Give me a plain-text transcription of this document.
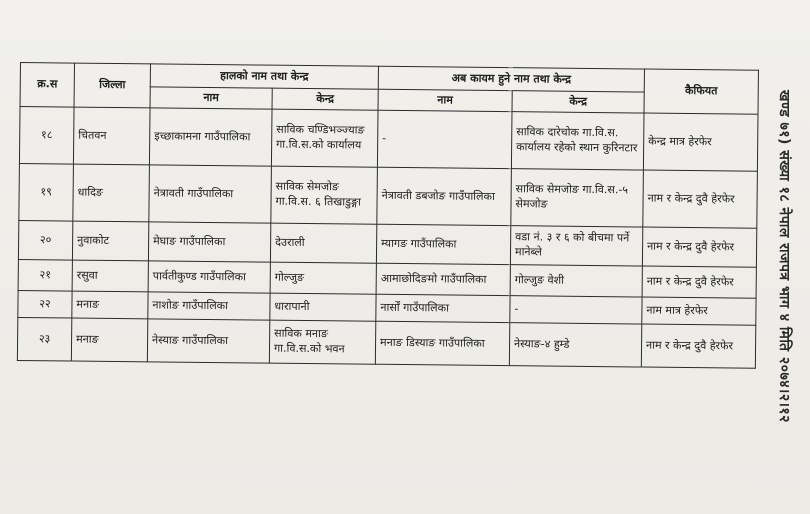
खण्ड ७१) संख्या १८ नेपाल राजपत्र भाग ४ मिति २०७४।२।१२
क्र.स	जिल्ला	हालको नाम तथा केन्द्र		अब कायम हुने नाम तथा केन्द्र		कैफियत
		नाम	केन्द्र	नाम	केन्द्र	
१८	चितवन	इच्छाकामना गाउँपालिका	साविक चण्डिभञ्ज्याङ गा.वि.स.को कार्यालय	-	साविक दारेचोक गा.वि.स. कार्यालय रहेको स्थान कुरिनटार	केन्द्र मात्र हेरफेर
१९	धादिङ	नेत्रावती गाउँपालिका	साविक सेमजोङ गा.वि.स. ६ तिखाडुङ्गा	नेत्रावती डबजोङ गाउँपालिका	साविक सेमजोङ गा.वि.स.-५ सेमजोङ	नाम र केन्द्र दुवै हेरफेर
२०	नुवाकोट	मेघाङ गाउँपालिका	देउराली	म्यागङ गाउँपालिका	वडा नं. ३ र ६ को बीचमा पर्ने मानेब्ले	नाम र केन्द्र दुवै हेरफेर
२१	रसुवा	पार्वतीकुण्ड गाउँपालिका	गोल्जुङ	आमाछोदिङमो गाउँपालिका	गोल्जुङ वेशी	नाम र केन्द्र दुवै हेरफेर
२२	मनाङ	नाशोङ गाउँपालिका	धारापानी	नार्सों गाउँपालिका	-	नाम मात्र हेरफेर
२३	मनाङ	नेस्याङ गाउँपालिका	साविक मनाङ गा.वि.स.को भवन	मनाङ डिस्याङ गाउँपालिका	नेस्याङ-४ हुम्डे	नाम र केन्द्र दुवै हेरफेर
